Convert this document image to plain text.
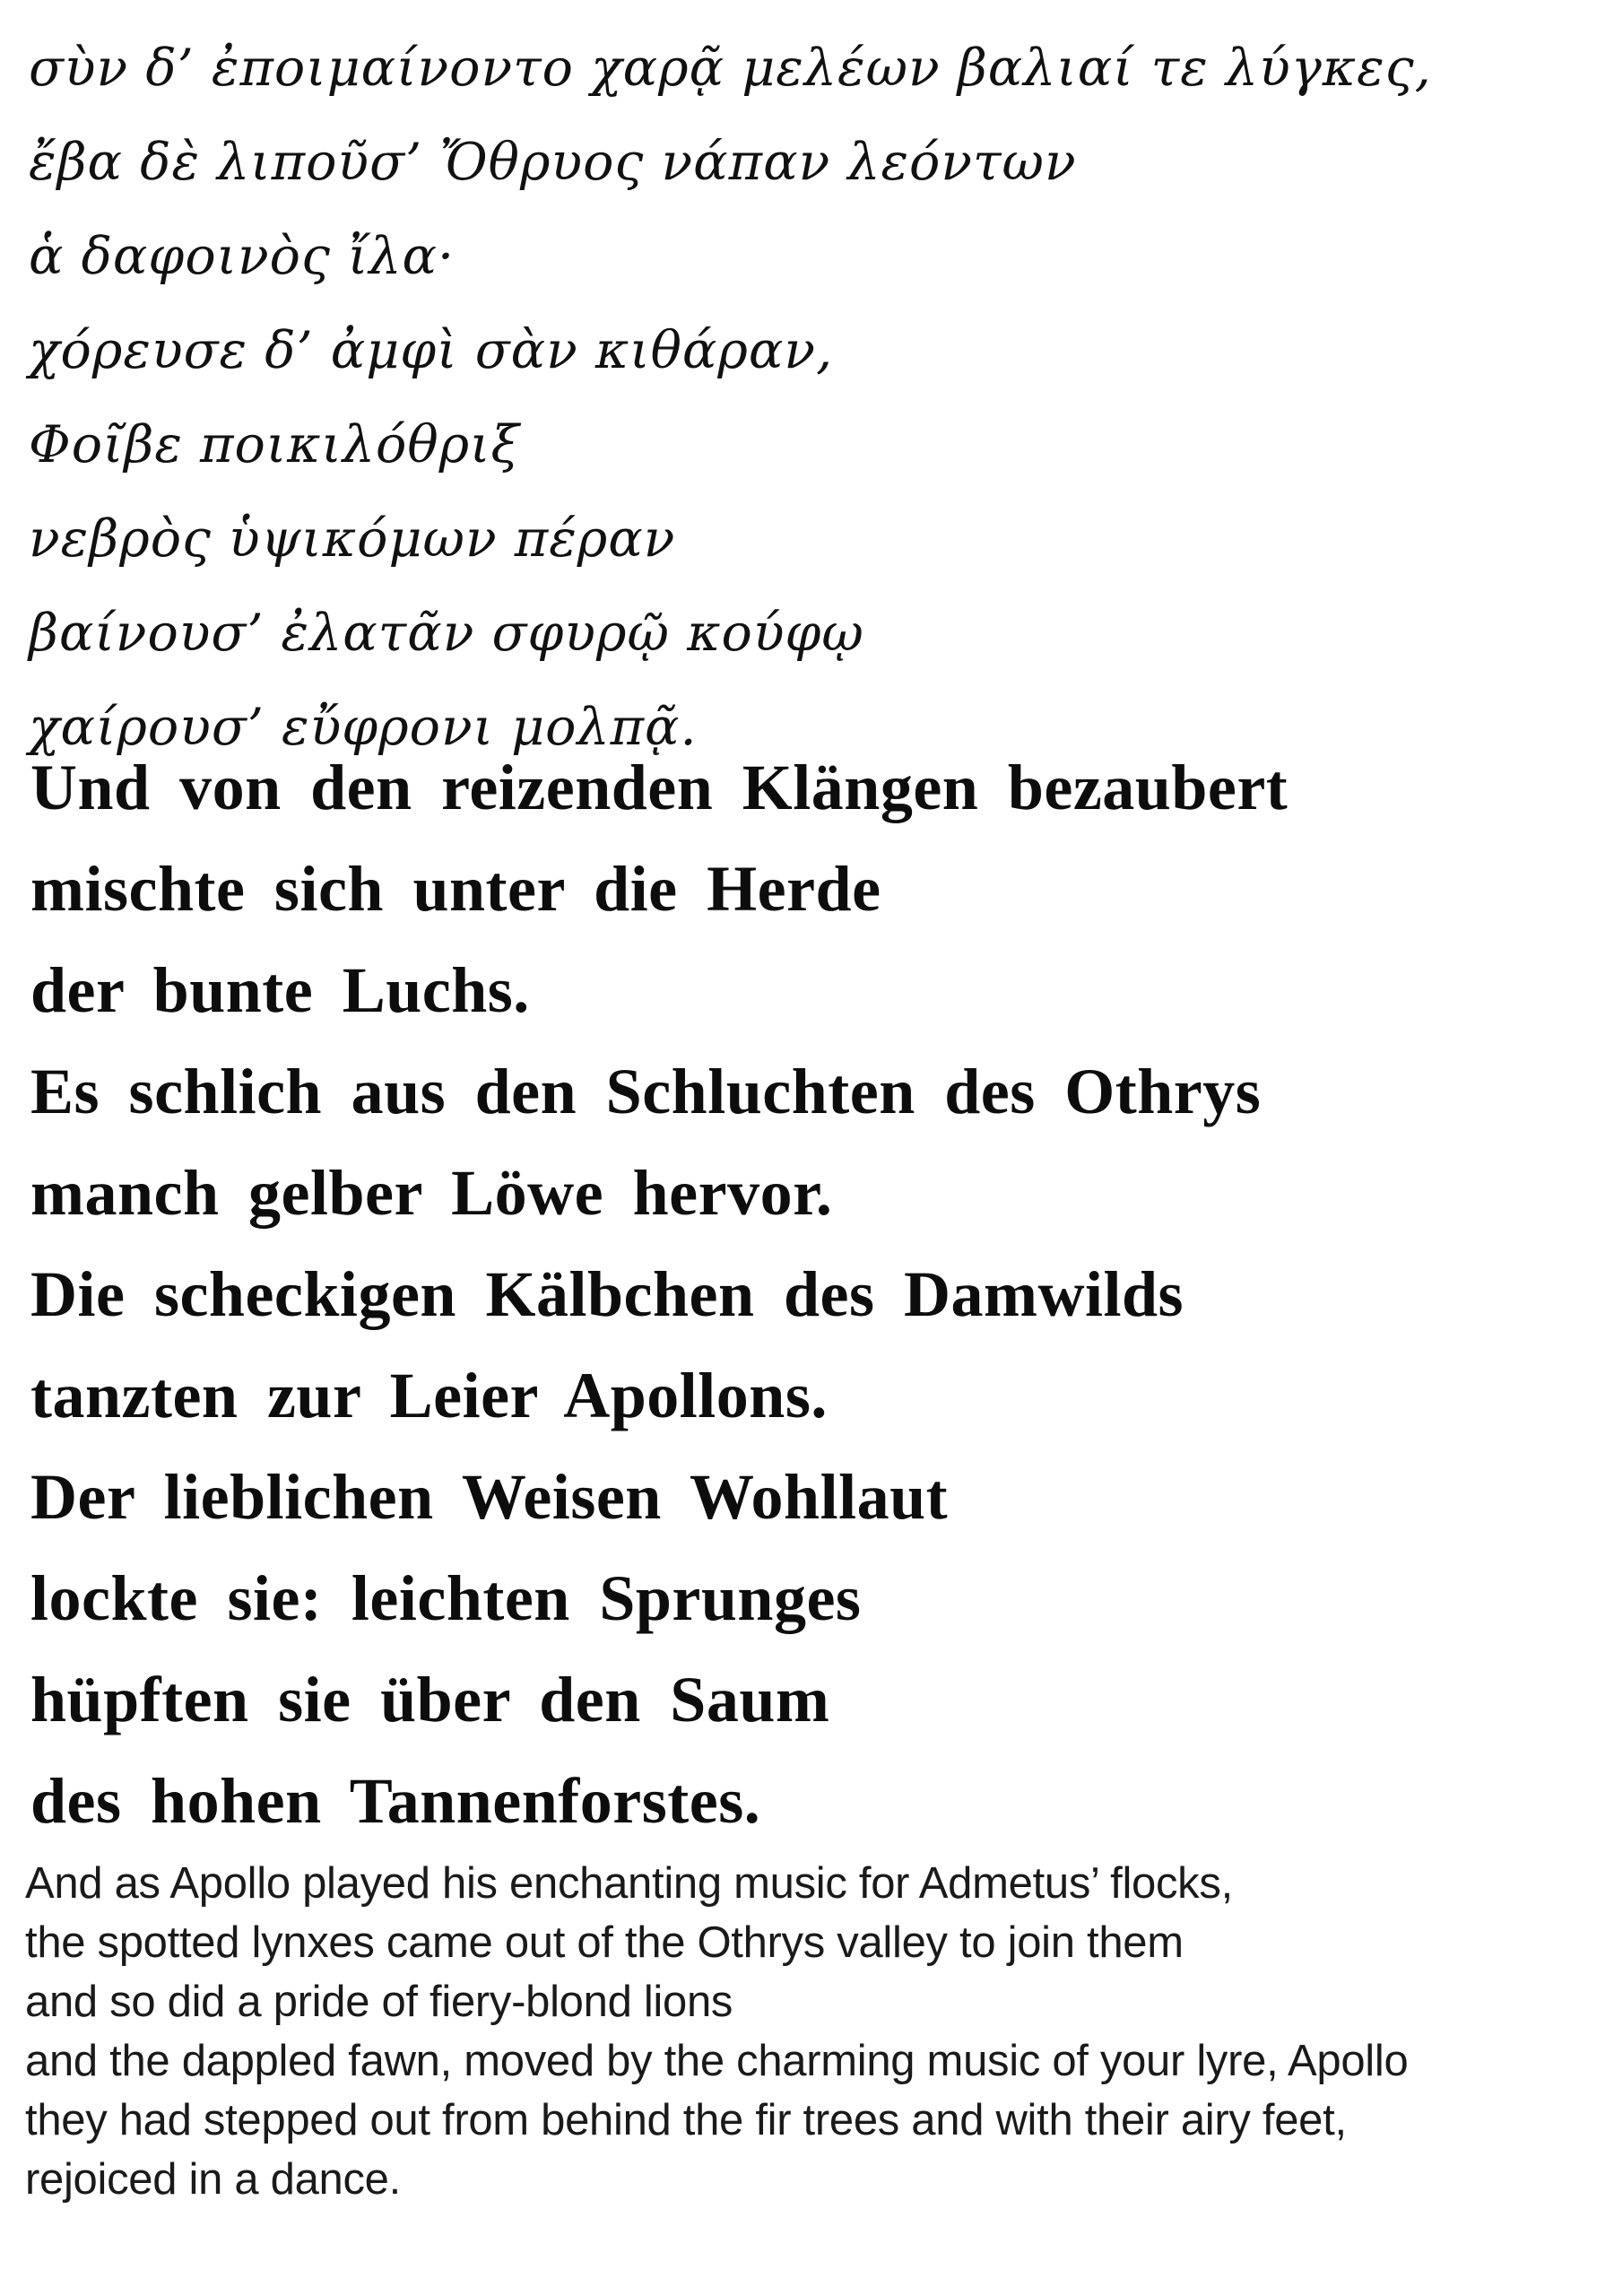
σὺν δ’ ἐποιμαίνοντο χαρᾷ μελέων βαλιαί τε λύγκες,
ἔβα δὲ λιποῦσ’ Ὄθρυος νάπαν λεόντων
ἁ δαφοινὸς ἴλα·
χόρευσε δ’ ἀμφὶ σὰν κιθάραν,
Φοῖβε ποικιλόθριξ
νεβρὸς ὑψικόμων πέραν
βαίνουσ’ ἐλατᾶν σφυρῷ κούφῳ
χαίρουσ’ εὔφρονι μολπᾷ.
Und von den reizenden Klängen bezaubert
mischte sich unter die Herde
der bunte Luchs.
Es schlich aus den Schluchten des Othrys
manch gelber Löwe hervor.
Die scheckigen Kälbchen des Damwilds
tanzten zur Leier Apollons.
Der lieblichen Weisen Wohllaut
lockte sie: leichten Sprunges
hüpften sie über den Saum
des hohen Tannenforstes.
And as Apollo played his enchanting music for Admetus’ flocks,
the spotted lynxes came out of the Othrys valley to join them
and so did a pride of fiery-blond lions
and the dappled fawn, moved by the charming music of your lyre, Apollo
they had stepped out from behind the fir trees and with their airy feet,
rejoiced in a dance.
